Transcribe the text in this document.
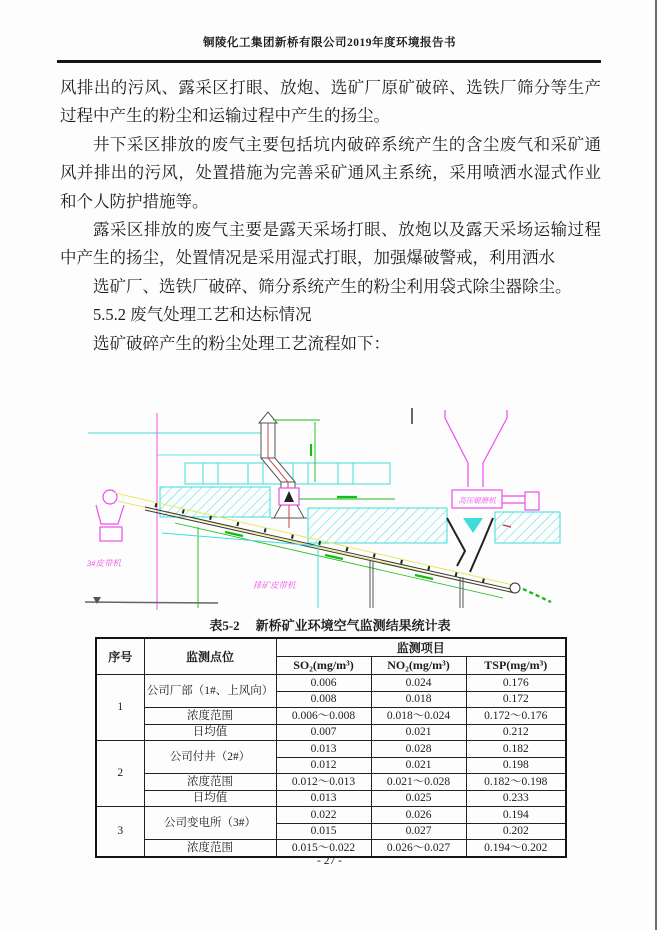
铜陵化工集团新桥有限公司2019年度环境报告书

风排出的污风、露采区打眼、放炮、选矿厂原矿破碎、选铁厂筛分等生产过程中产生的粉尘和运输过程中产生的扬尘。

井下采区排放的废气主要包括坑内破碎系统产生的含尘废气和采矿通风并排出的污风，处置措施为完善采矿通风主系统，采用喷洒水湿式作业和个人防护措施等。

露采区排放的废气主要是露天采场打眼、放炮以及露天采场运输过程中产生的扬尘，处置情况是采用湿式打眼，加强爆破警戒，利用洒水

选矿厂、选铁厂破碎、筛分系统产生的粉尘利用袋式除尘器除尘。

5.5.2 废气处理工艺和达标情况

选矿破碎产生的粉尘处理工艺流程如下：

高压辊磨机
3#皮带机
排矿皮带机
表5-2 新桥矿业环境空气监测结果统计表
序号	监测点位	监测项目		
		SO₂(mg/m³)	NO₂(mg/m³)	TSP(mg/m³)
1	公司厂部（1#、上风向）	0.006	0.024	0.176
		0.008	0.018	0.172
	浓度范围	0.006～0.008	0.018～0.024	0.172～0.176
	日均值	0.007	0.021	0.212
2	公司付井（2#）	0.013	0.028	0.182
		0.012	0.021	0.198
	浓度范围	0.012～0.013	0.021～0.028	0.182～0.198
	日均值	0.013	0.025	0.233
3	公司变电所（3#）	0.022	0.026	0.194
		0.015	0.027	0.202
	浓度范围	0.015～0.022	0.026～0.027	0.194～0.202
- 27 -
